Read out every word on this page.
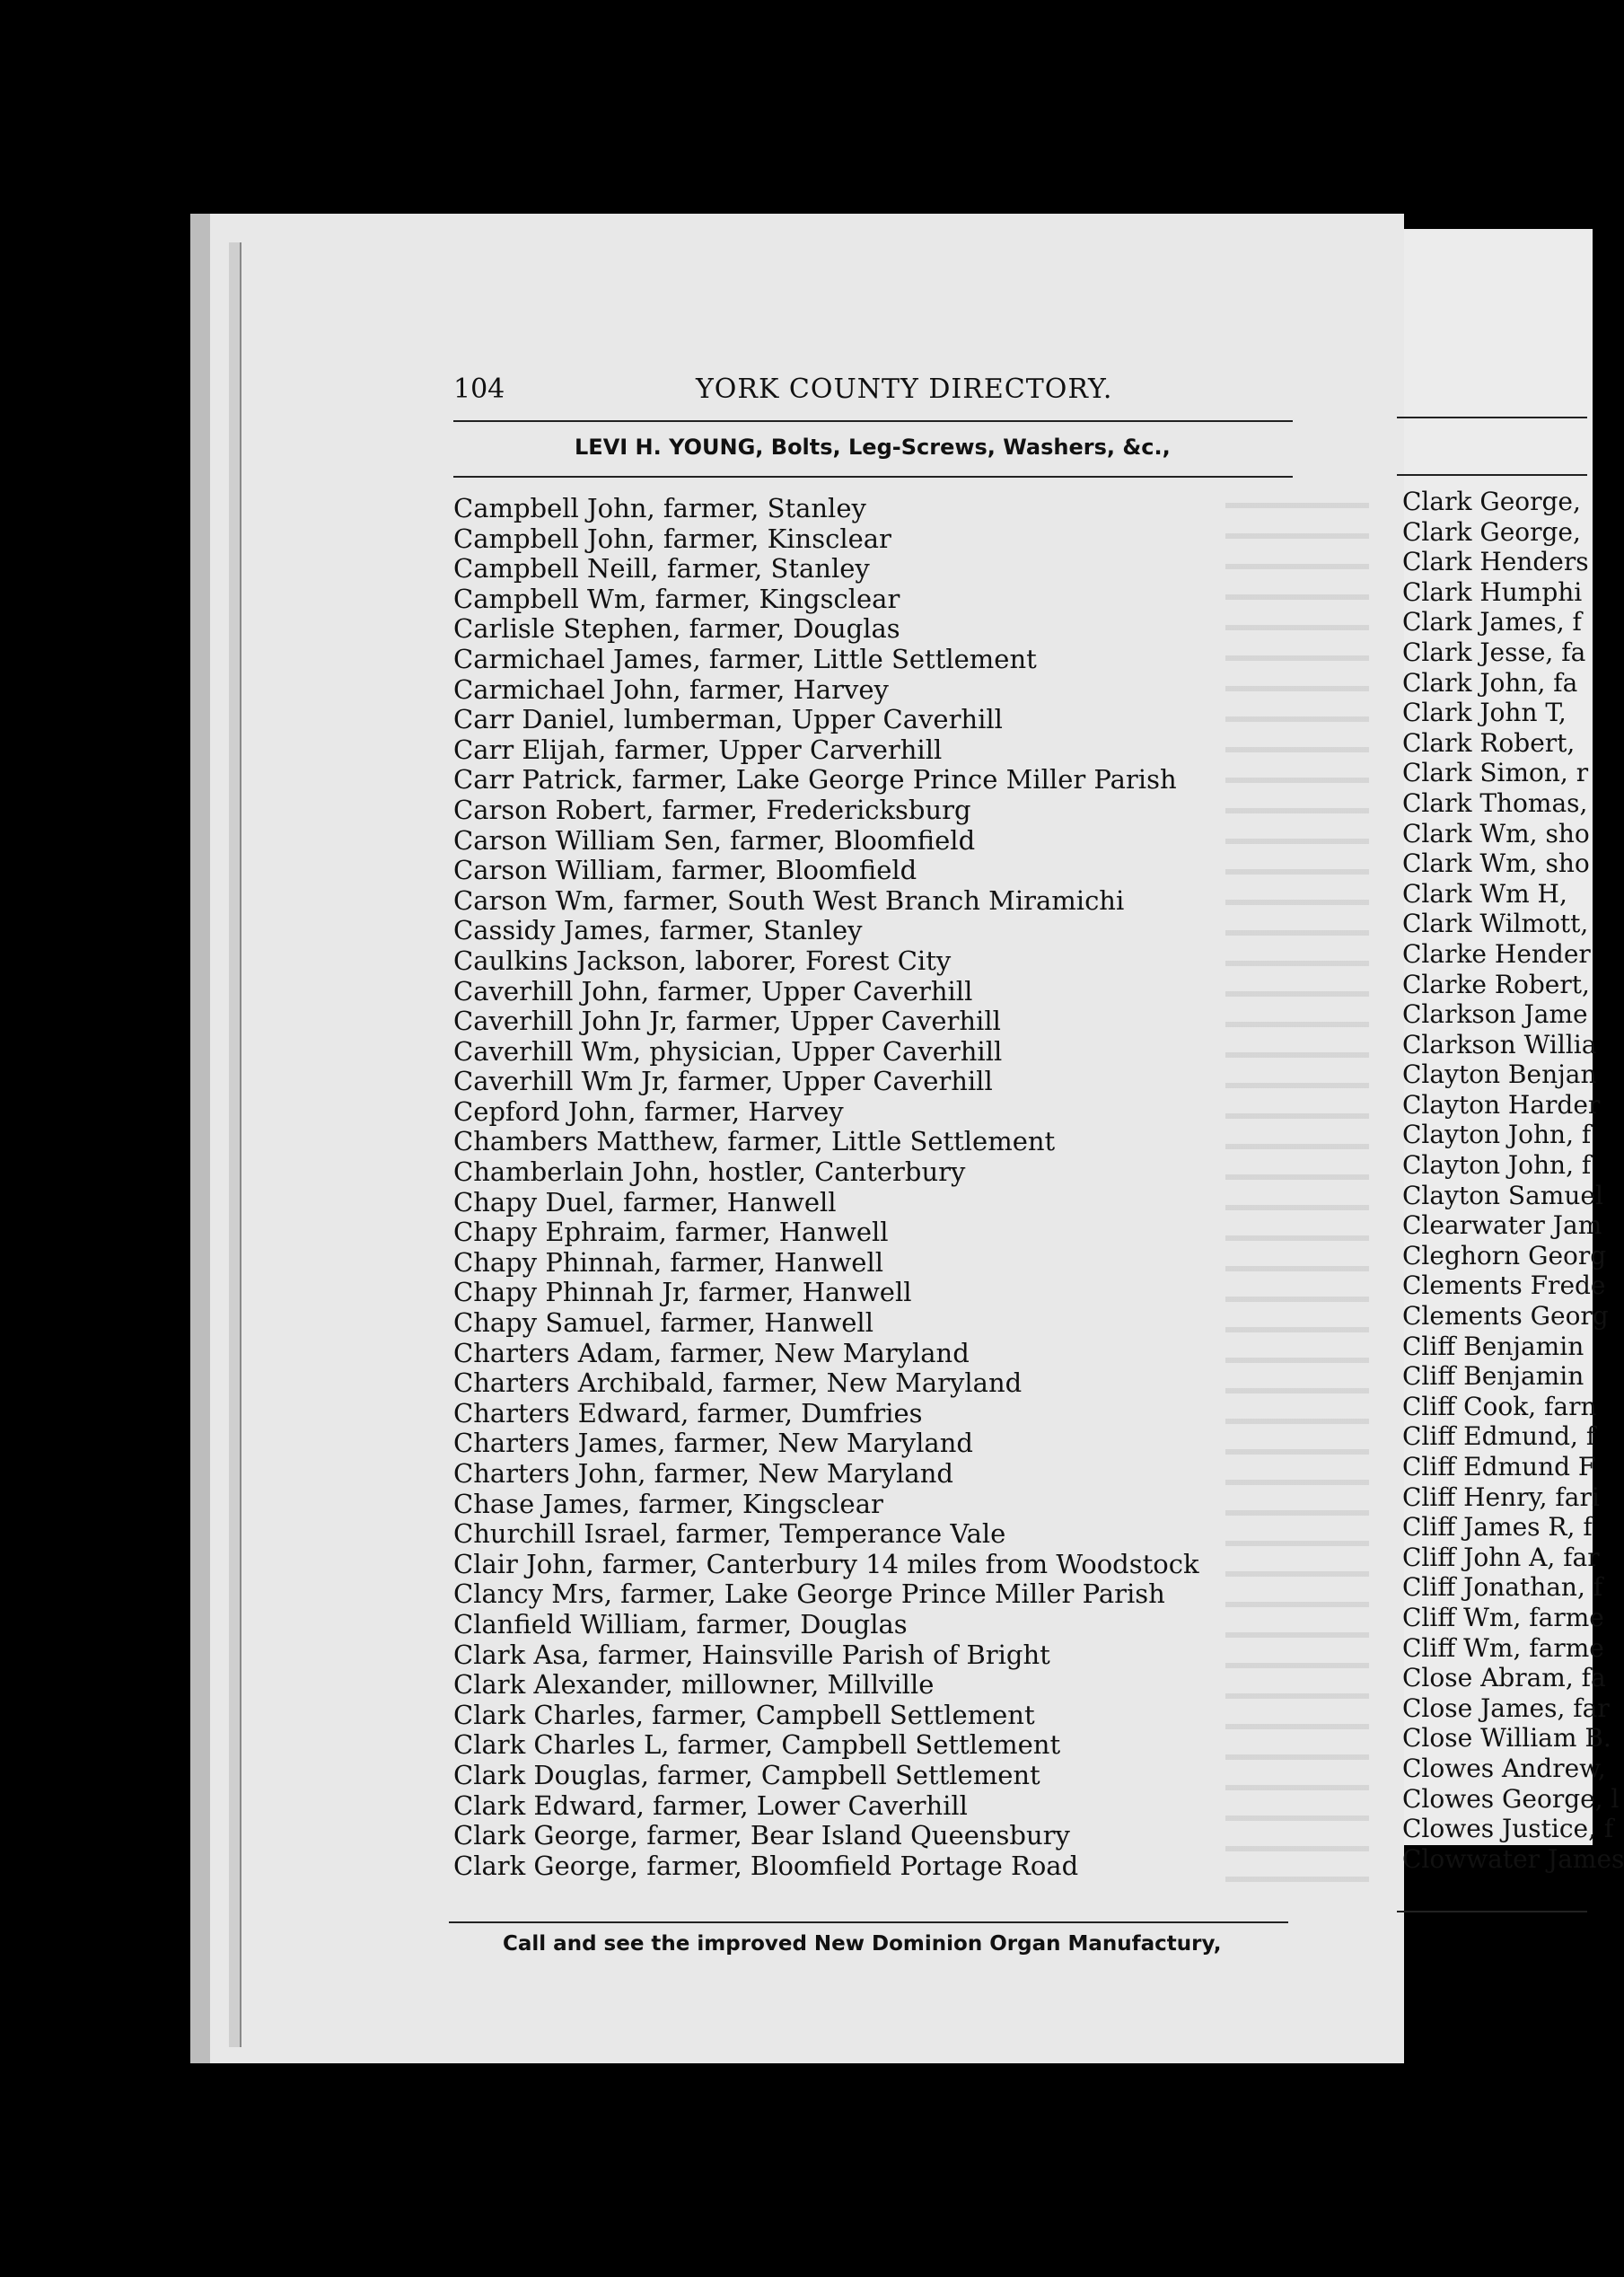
104	YORK COUNTY DIRECTORY.
LEVI H. YOUNG, Bolts, Leg-Screws, Washers, &c.,
Campbell John, farmer, Stanley
Campbell John, farmer, Kinsclear
Campbell Neill, farmer, Stanley
Campbell Wm, farmer, Kingsclear
Carlisle Stephen, farmer, Douglas
Carmichael James, farmer, Little Settlement
Carmichael John, farmer, Harvey
Carr Daniel, lumberman, Upper Caverhill
Carr Elijah, farmer, Upper Carverhill
Carr Patrick, farmer, Lake George Prince Miller Parish
Carson Robert, farmer, Fredericksburg
Carson William Sen, farmer, Bloomfield
Carson William, farmer, Bloomfield
Carson Wm, farmer, South West Branch Miramichi
Cassidy James, farmer, Stanley
Caulkins Jackson, laborer, Forest City
Caverhill John, farmer, Upper Caverhill
Caverhill John Jr, farmer, Upper Caverhill
Caverhill Wm, physician, Upper Caverhill
Caverhill Wm Jr, farmer, Upper Caverhill
Cepford John, farmer, Harvey
Chambers Matthew, farmer, Little Settlement
Chamberlain John, hostler, Canterbury
Chapy Duel, farmer, Hanwell
Chapy Ephraim, farmer, Hanwell
Chapy Phinnah, farmer, Hanwell
Chapy Phinnah Jr, farmer, Hanwell
Chapy Samuel, farmer, Hanwell
Charters Adam, farmer, New Maryland
Charters Archibald, farmer, New Maryland
Charters Edward, farmer, Dumfries
Charters James, farmer, New Maryland
Charters John, farmer, New Maryland
Chase James, farmer, Kingsclear
Churchill Israel, farmer, Temperance Vale
Clair John, farmer, Canterbury 14 miles from Woodstock
Clancy Mrs, farmer, Lake George Prince Miller Parish
Clanfield William, farmer, Douglas
Clark Asa, farmer, Hainsville Parish of Bright
Clark Alexander, millowner, Millville
Clark Charles, farmer, Campbell Settlement
Clark Charles L, farmer, Campbell Settlement
Clark Douglas, farmer, Campbell Settlement
Clark Edward, farmer, Lower Caverhill
Clark George, farmer, Bear Island Queensbury
Clark George, farmer, Bloomfield Portage Road
Call and see the improved New Dominion Organ Manufactury,
Clark George,
Clark George,
Clark Henders
Clark Humphi
Clark James, f
Clark Jesse, fa
Clark John, fa
Clark John T,
Clark Robert,
Clark Simon, r
Clark Thomas,
Clark Wm, sho
Clark Wm, sho
Clark Wm H,
Clark Wilmott,
Clarke Hender
Clarke Robert,
Clarkson Jame
Clarkson Willia
Clayton Benjan
Clayton Harder
Clayton John, f
Clayton John, f
Clayton Samuel
Clearwater Jam
Cleghorn Georg
Clements Frede
Clements Georg
Cliff Benjamin
Cliff Benjamin
Cliff Cook, farn
Cliff Edmund, f
Cliff Edmund F
Cliff Henry, fari
Cliff James R, f
Cliff John A, far
Cliff Jonathan, f
Cliff Wm, farme
Cliff Wm, farme
Close Abram, fa
Close James, far
Close William B.
Clowes Andrew,
Clowes George, l
Clowes Justice, f
Clowwater James
